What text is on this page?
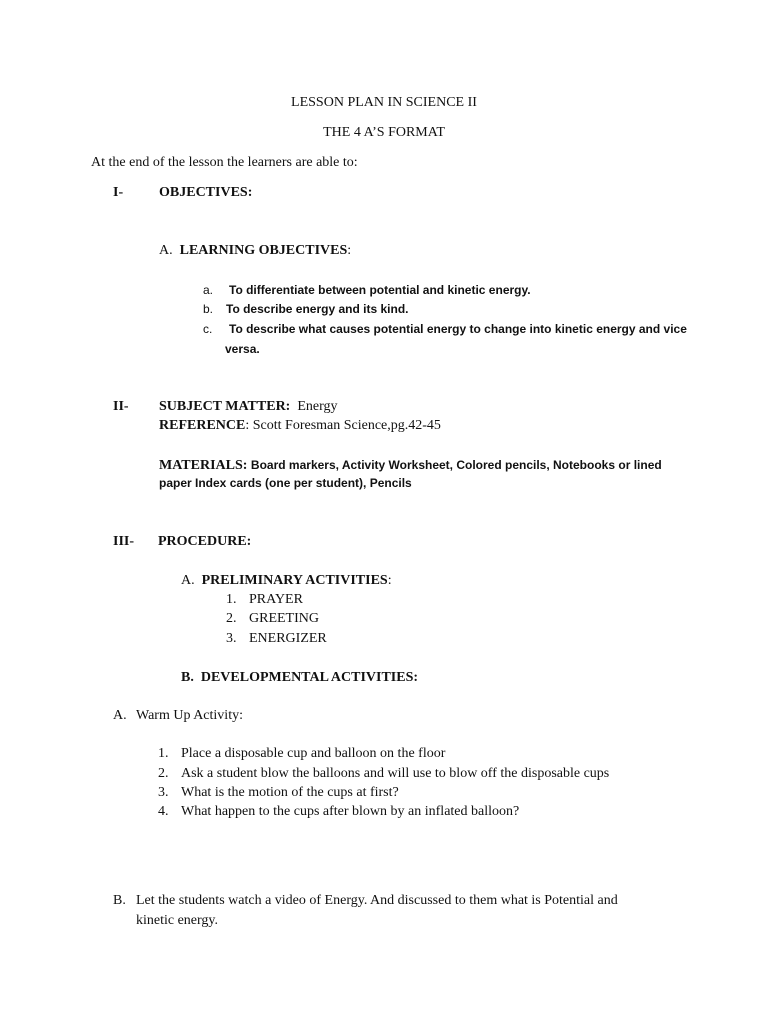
LESSON PLAN IN SCIENCE II
THE 4 A’S FORMAT
At the end of the lesson the learners are able to:
I-	OBJECTIVES:
A. LEARNING OBJECTIVES:
a. To differentiate between potential and kinetic energy.
b. To describe energy and its kind.
c. To describe what causes potential energy to change into kinetic energy and vice
versa.
II- SUBJECT MATTER: Energy
REFERENCE: Scott Foresman Science,pg.42-45
MATERIALS: Board markers, Activity Worksheet, Colored pencils, Notebooks or lined
paper Index cards (one per student), Pencils
III- PROCEDURE:
A. PRELIMINARY ACTIVITIES:
1. PRAYER
2. GREETING
3. ENERGIZER
B. DEVELOPMENTAL ACTIVITIES:
A. Warm Up Activity:
1. Place a disposable cup and balloon on the floor
2. Ask a student blow the balloons and will use to blow off the disposable cups
3. What is the motion of the cups at first?
4. What happen to the cups after blown by an inflated balloon?
B. Let the students watch a video of Energy. And discussed to them what is Potential and
kinetic energy.
